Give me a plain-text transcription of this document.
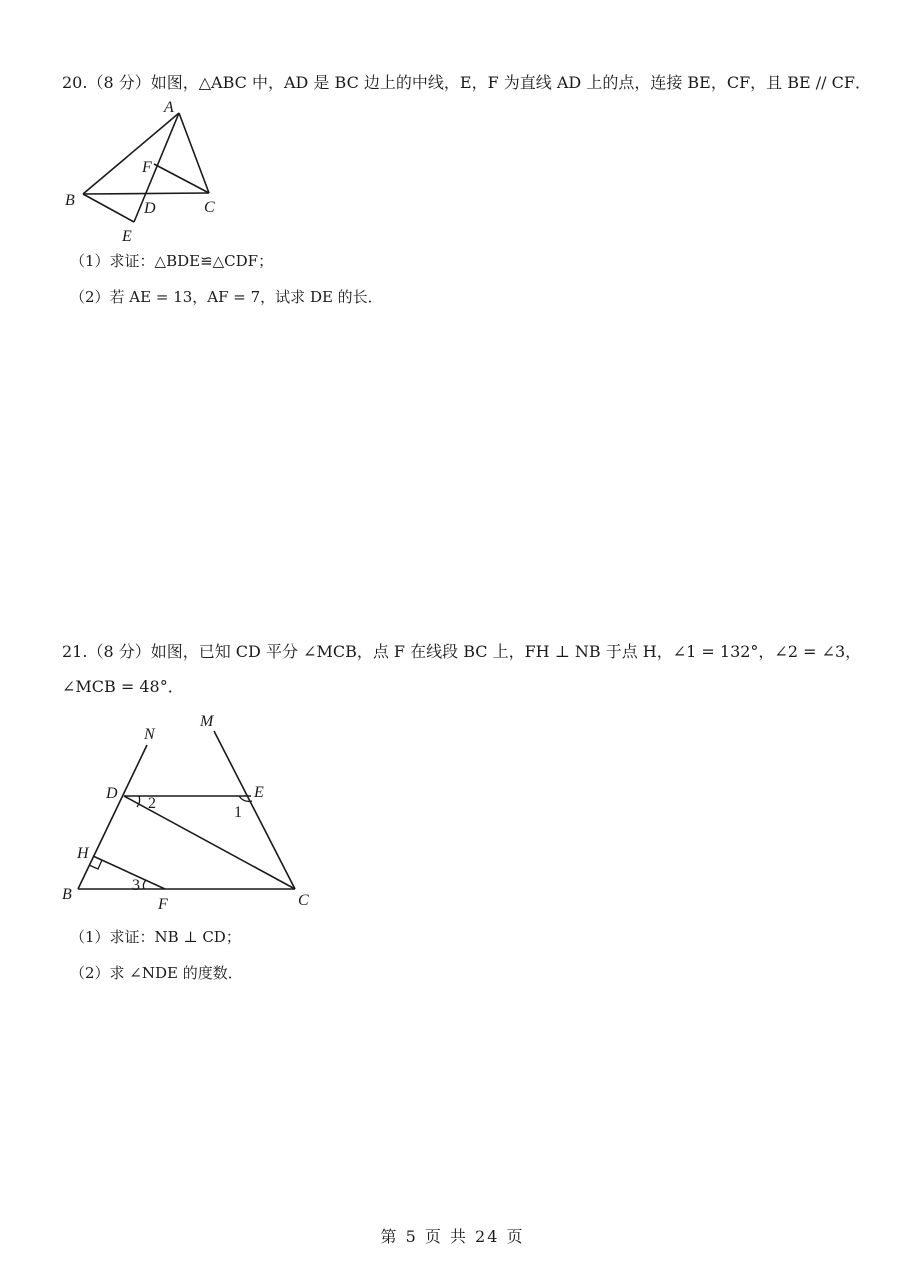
20.（8 分）如图，△ABC 中，AD 是 BC 边上的中线，E，F 为直线 AD 上的点，连接 BE，CF，且 BE // CF．
A
F
B	D	C
E
（1）求证：△BDE≌△CDF；
（2）若 AE = 13，AF = 7，试求 DE 的长．
21.（8 分）如图，已知 CD 平分 ∠MCB，点 F 在线段 BC 上，FH ⊥ NB 于点 H，∠1 = 132°，∠2 = ∠3，
∠MCB = 48°．
M
N
D	E
2
1
H
3
B
F	C
（1）求证：NB ⊥ CD；
（2）求 ∠NDE 的度数．
第 5 页 共 24 页
